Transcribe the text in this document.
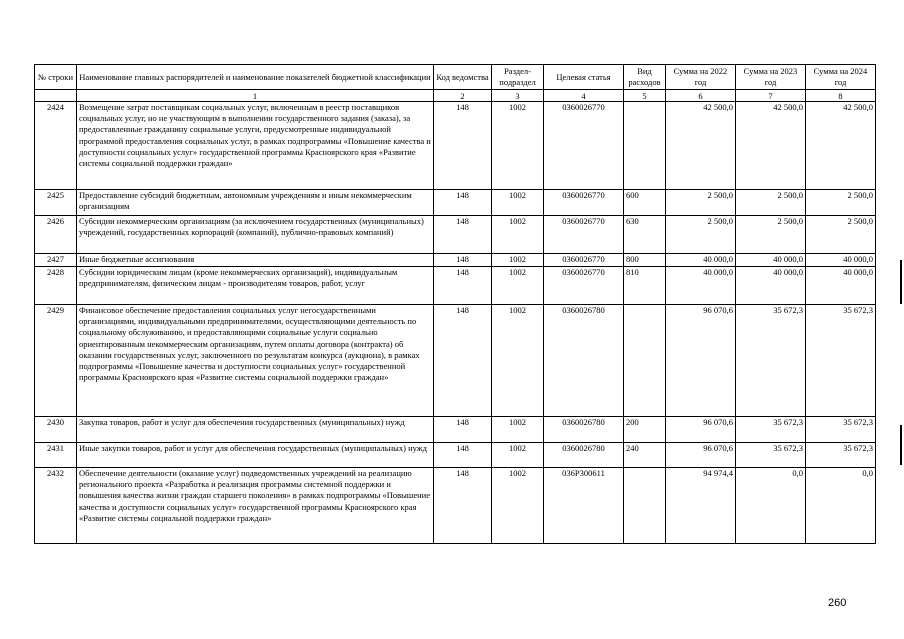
№ строки	Наименование главных распорядителей и наименование показателей бюджетной классификации	Код ведомства	Раздел-подраздел	Целевая статья	Вид расходов	Сумма на 2022 год	Сумма на 2023 год	Сумма на 2024 год
	1	2	3	4	5	6	7	8
2424	Возмещение затрат поставщикам социальных услуг, включенным в реестр поставщиков социальных услуг, но не участвующим в выполнении государственного задания (заказа), за предоставленные гражданину социальные услуги, предусмотренные индивидуальной программой предоставления социальных услуг, в рамках подпрограммы «Повышение качества и доступности социальных услуг» государственной программы Красноярского края «Развитие системы социальной поддержки граждан»	148	1002	0360026770		42 500,0	42 500,0	42 500,0
2425	Предоставление субсидий бюджетным, автономным учреждениям и иным некоммерческим организациям	148	1002	0360026770	600	2 500,0	2 500,0	2 500,0
2426	Субсидии некоммерческим организациям (за исключением государственных (муниципальных) учреждений, государственных корпораций (компаний), публично-правовых компаний)	148	1002	0360026770	630	2 500,0	2 500,0	2 500,0
2427	Иные бюджетные ассигнования	148	1002	0360026770	800	40 000,0	40 000,0	40 000,0
2428	Субсидии юридическим лицам (кроме некоммерческих организаций), индивидуальным предпринимателям, физическим лицам - производителям товаров, работ, услуг	148	1002	0360026770	810	40 000,0	40 000,0	40 000,0
2429	Финансовое обеспечение предоставления социальных услуг негосударственными организациями, индивидуальными предпринимателями, осуществляющими деятельность по социальному обслуживанию, и предоставляющими социальные услуги социально ориентированным некоммерческим организациям, путем оплаты договора (контракта) об оказании государственных услуг, заключенного по результатам конкурса (аукциона), в рамках подпрограммы «Повышение качества и доступности социальных услуг» государственной программы Красноярского края «Развитие системы социальной поддержки граждан»	148	1002	0360026780		96 070,6	35 672,3	35 672,3
2430	Закупка товаров, работ и услуг для обеспечения государственных (муниципальных) нужд	148	1002	0360026780	200	96 070,6	35 672,3	35 672,3
2431	Иные закупки товаров, работ и услуг для обеспечения государственных (муниципальных) нужд	148	1002	0360026780	240	96 070,6	35 672,3	35 672,3
2432	Обеспечение деятельности (оказание услуг) подведомственных учреждений на реализацию регионального проекта «Разработка и реализация программы системной поддержки и повышения качества жизни граждан старшего поколения» в рамках подпрограммы «Повышение качества и доступности социальных услуг» государственной программы Красноярского края «Развитие системы социальной поддержки граждан»	148	1002	036P300611		94 974,4	0,0	0,0
260
